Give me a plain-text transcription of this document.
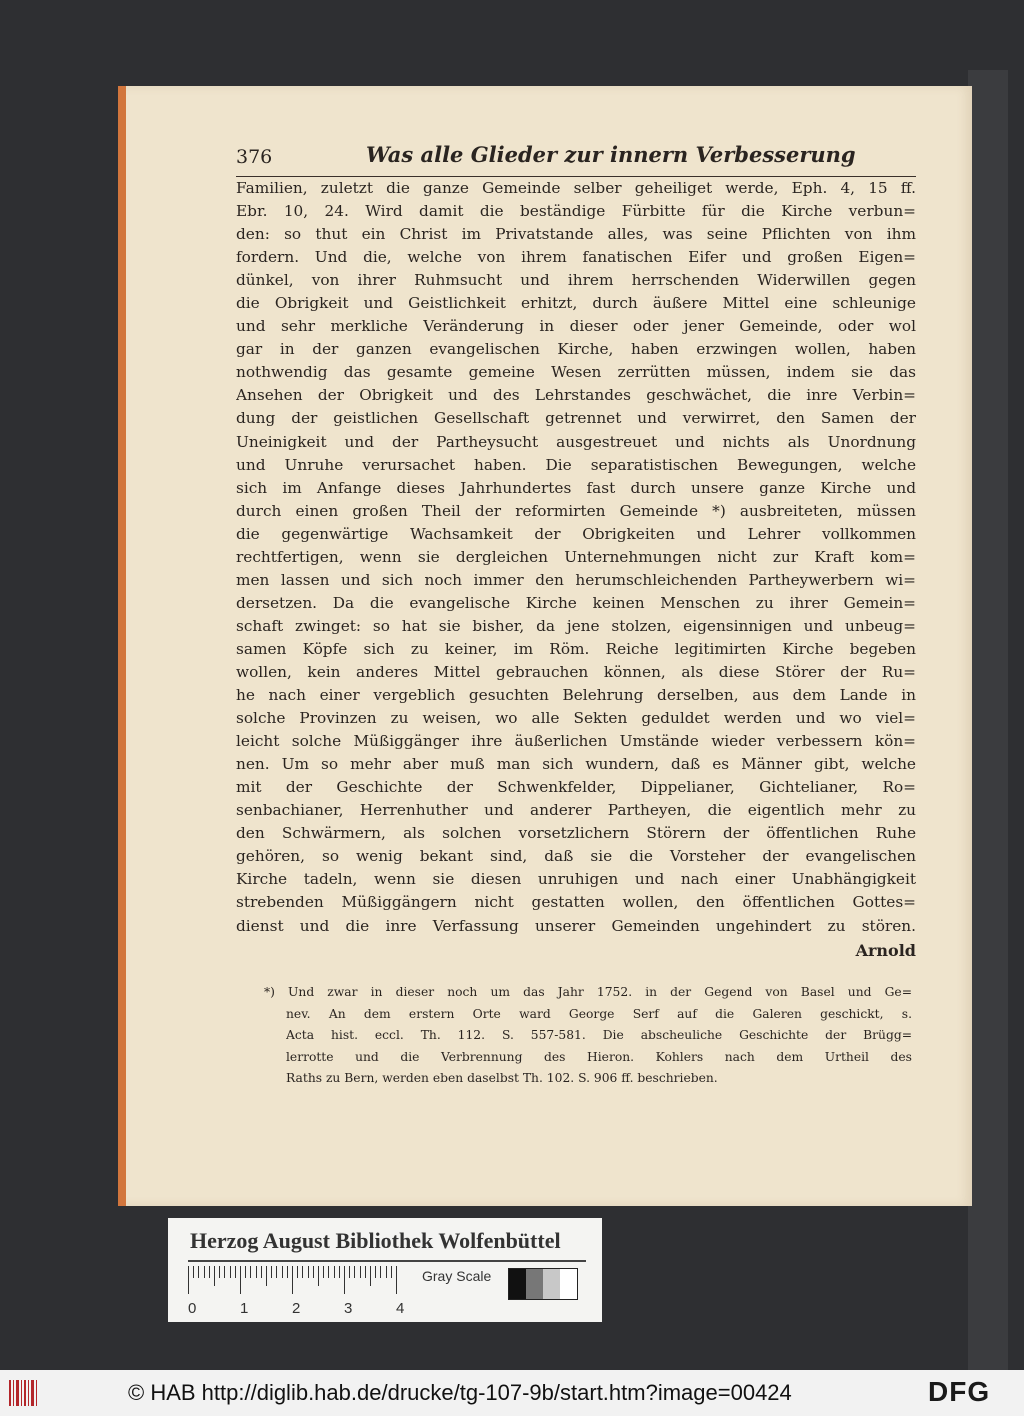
376	Was alle Glieder zur innern Verbesserung
Familien, zuletzt die ganze Gemeinde selber geheiliget werde, Eph. 4, 15 ff.
Ebr. 10, 24. Wird damit die beständige Fürbitte für die Kirche verbun=
den: so thut ein Christ im Privatstande alles, was seine Pflichten von ihm
fordern. Und die, welche von ihrem fanatischen Eifer und großen Eigen=
dünkel, von ihrer Ruhmsucht und ihrem herrschenden Widerwillen gegen
die Obrigkeit und Geistlichkeit erhitzt, durch äußere Mittel eine schleunige
und sehr merkliche Veränderung in dieser oder jener Gemeinde, oder wol
gar in der ganzen evangelischen Kirche, haben erzwingen wollen, haben
nothwendig das gesamte gemeine Wesen zerrütten müssen, indem sie das
Ansehen der Obrigkeit und des Lehrstandes geschwächet, die inre Verbin=
dung der geistlichen Gesellschaft getrennet und verwirret, den Samen der
Uneinigkeit und der Partheysucht ausgestreuet und nichts als Unordnung
und Unruhe verursachet haben. Die separatistischen Bewegungen, welche
sich im Anfange dieses Jahrhundertes fast durch unsere ganze Kirche und
durch einen großen Theil der reformirten Gemeinde *) ausbreiteten, müssen
die gegenwärtige Wachsamkeit der Obrigkeiten und Lehrer vollkommen
rechtfertigen, wenn sie dergleichen Unternehmungen nicht zur Kraft kom=
men lassen und sich noch immer den herumschleichenden Partheywerbern wi=
dersetzen. Da die evangelische Kirche keinen Menschen zu ihrer Gemein=
schaft zwinget: so hat sie bisher, da jene stolzen, eigensinnigen und unbeug=
samen Köpfe sich zu keiner, im Röm. Reiche legitimirten Kirche begeben
wollen, kein anderes Mittel gebrauchen können, als diese Störer der Ru=
he nach einer vergeblich gesuchten Belehrung derselben, aus dem Lande in
solche Provinzen zu weisen, wo alle Sekten geduldet werden und wo viel=
leicht solche Müßiggänger ihre äußerlichen Umstände wieder verbessern kön=
nen. Um so mehr aber muß man sich wundern, daß es Männer gibt, welche
mit der Geschichte der Schwenkfelder, Dippelianer, Gichtelianer, Ro=
senbachianer, Herrenhuther und anderer Partheyen, die eigentlich mehr zu
den Schwärmern, als solchen vorsetzlichern Störern der öffentlichen Ruhe
gehören, so wenig bekant sind, daß sie die Vorsteher der evangelischen
Kirche tadeln, wenn sie diesen unruhigen und nach einer Unabhängigkeit
strebenden Müßiggängern nicht gestatten wollen, den öffentlichen Gottes=
dienst und die inre Verfassung unserer Gemeinden ungehindert zu stören.
Arnold
*) Und zwar in dieser noch um das Jahr 1752. in der Gegend von Basel und Ge=
nev. An dem erstern Orte ward George Serf auf die Galeren geschickt, s.
Acta hist. eccl. Th. 112. S. 557-581. Die abscheuliche Geschichte der Brügg=
lerrotte und die Verbrennung des Hieron. Kohlers nach dem Urtheil des
Raths zu Bern, werden eben daselbst Th. 102. S. 906 ff. beschrieben.
Herzog August Bibliothek Wolfenbüttel
0	1	2	3	4
Gray Scale
© HAB http://diglib.hab.de/drucke/tg-107-9b/start.htm?image=00424	DFG
